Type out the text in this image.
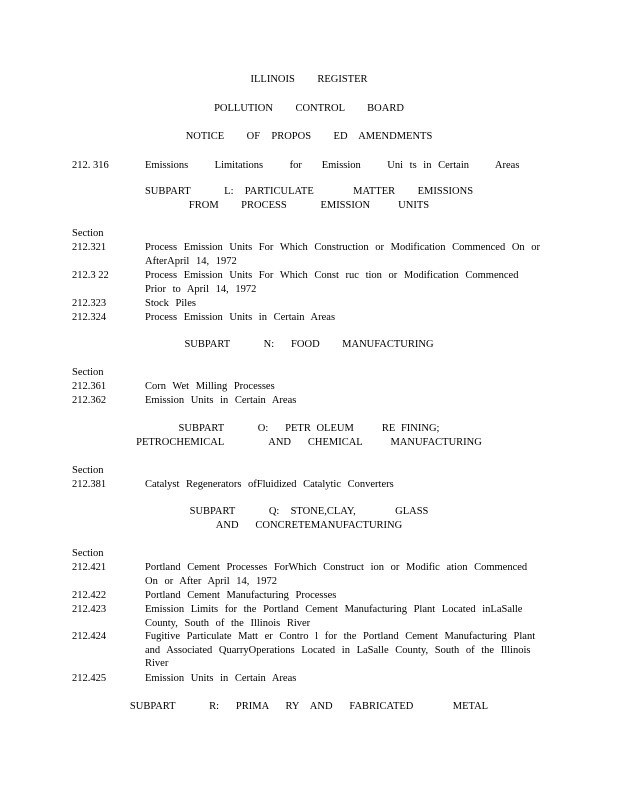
ILLINOIS    REGISTER
POLLUTION    CONTROL    BOARD
NOTICE    OF  PROPOS    ED  AMENDMENTS
212. 316	Emissions    Limitations    for   Emission    Uni ts in Certain    Areas
SUBPART      L:  PARTICULATE       MATTER    EMISSIONS
FROM    PROCESS      EMISSION     UNITS
Section
212.321	Process Emission Units For Which Construction or Modification Commenced On or AfterApril 14, 1972
212.3 22	Process Emission Units For Which Const ruc tion or Modification Commenced Prior to April 14, 1972
212.323	Stock Piles
212.324	Process Emission Units in Certain Areas
SUBPART      N:   FOOD    MANUFACTURING
Section
212.361	Corn Wet Milling Processes
212.362	Emission Units in Certain Areas
SUBPART      O:   PETR OLEUM     RE FINING;
PETROCHEMICAL        AND   CHEMICAL     MANUFACTURING
Section
212.381	Catalyst Regenerators ofFluidized Catalytic Converters
SUBPART      Q:  STONE,CLAY,       GLASS
AND   CONCRETEMANUFACTURING
Section
212.421	Portland Cement Processes ForWhich Construct ion or Modific ation Commenced On or After April 14, 1972
212.422	Portland Cement Manufacturing Processes
212.423	Emission Limits for the Portland Cement Manufacturing Plant Located inLaSalle County, South of the Illinois River
212.424	Fugitive Particulate Matt er Contro l for the Portland Cement Manufacturing Plant and Associated QuarryOperations Located in LaSalle County, South of the Illinois River
212.425	Emission Units in Certain Areas
SUBPART      R:   PRIMA   RY  AND   FABRICATED       METAL
